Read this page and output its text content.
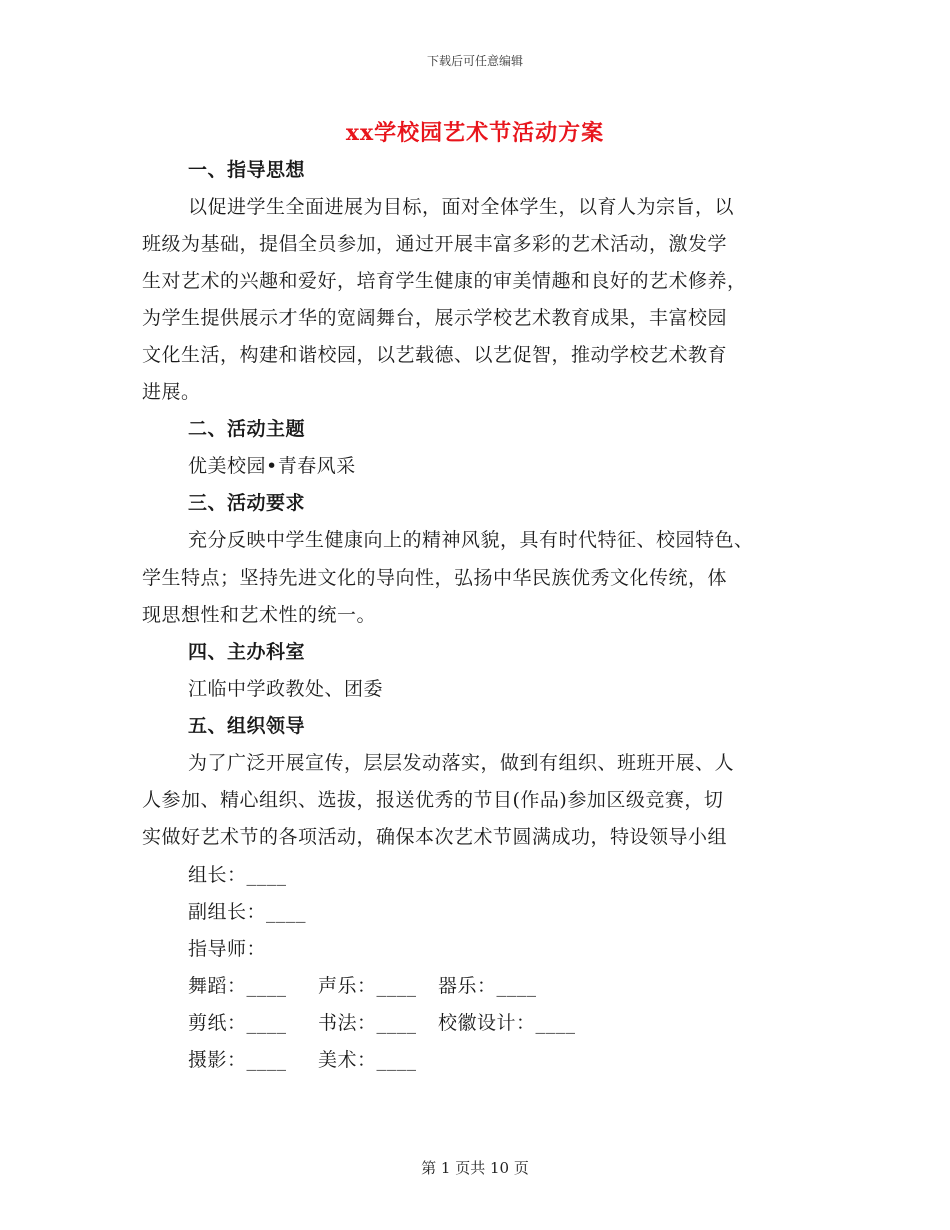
下载后可任意编辑
xx学校园艺术节活动方案
一、指导思想
以促进学生全面进展为目标，面对全体学生，以育人为宗旨，以
班级为基础，提倡全员参加，通过开展丰富多彩的艺术活动，激发学
生对艺术的兴趣和爱好，培育学生健康的审美情趣和良好的艺术修养，
为学生提供展示才华的宽阔舞台，展示学校艺术教育成果，丰富校园
文化生活，构建和谐校园，以艺载德、以艺促智，推动学校艺术教育
进展。
二、活动主题
优美校园•青春风采
三、活动要求
充分反映中学生健康向上的精神风貌，具有时代特征、校园特色、
学生特点；坚持先进文化的导向性，弘扬中华民族优秀文化传统，体
现思想性和艺术性的统一。
四、主办科室
江临中学政教处、团委
五、组织领导
为了广泛开展宣传，层层发动落实，做到有组织、班班开展、人
人参加、精心组织、选拔，报送优秀的节目(作品)参加区级竞赛，切
实做好艺术节的各项活动，确保本次艺术节圆满成功，特设领导小组
组长：____
副组长：____
指导师：
舞蹈：____ 声乐：____ 器乐：____
剪纸：____ 书法：____ 校徽设计：____
摄影：____ 美术：____
第 1 页共 10 页
